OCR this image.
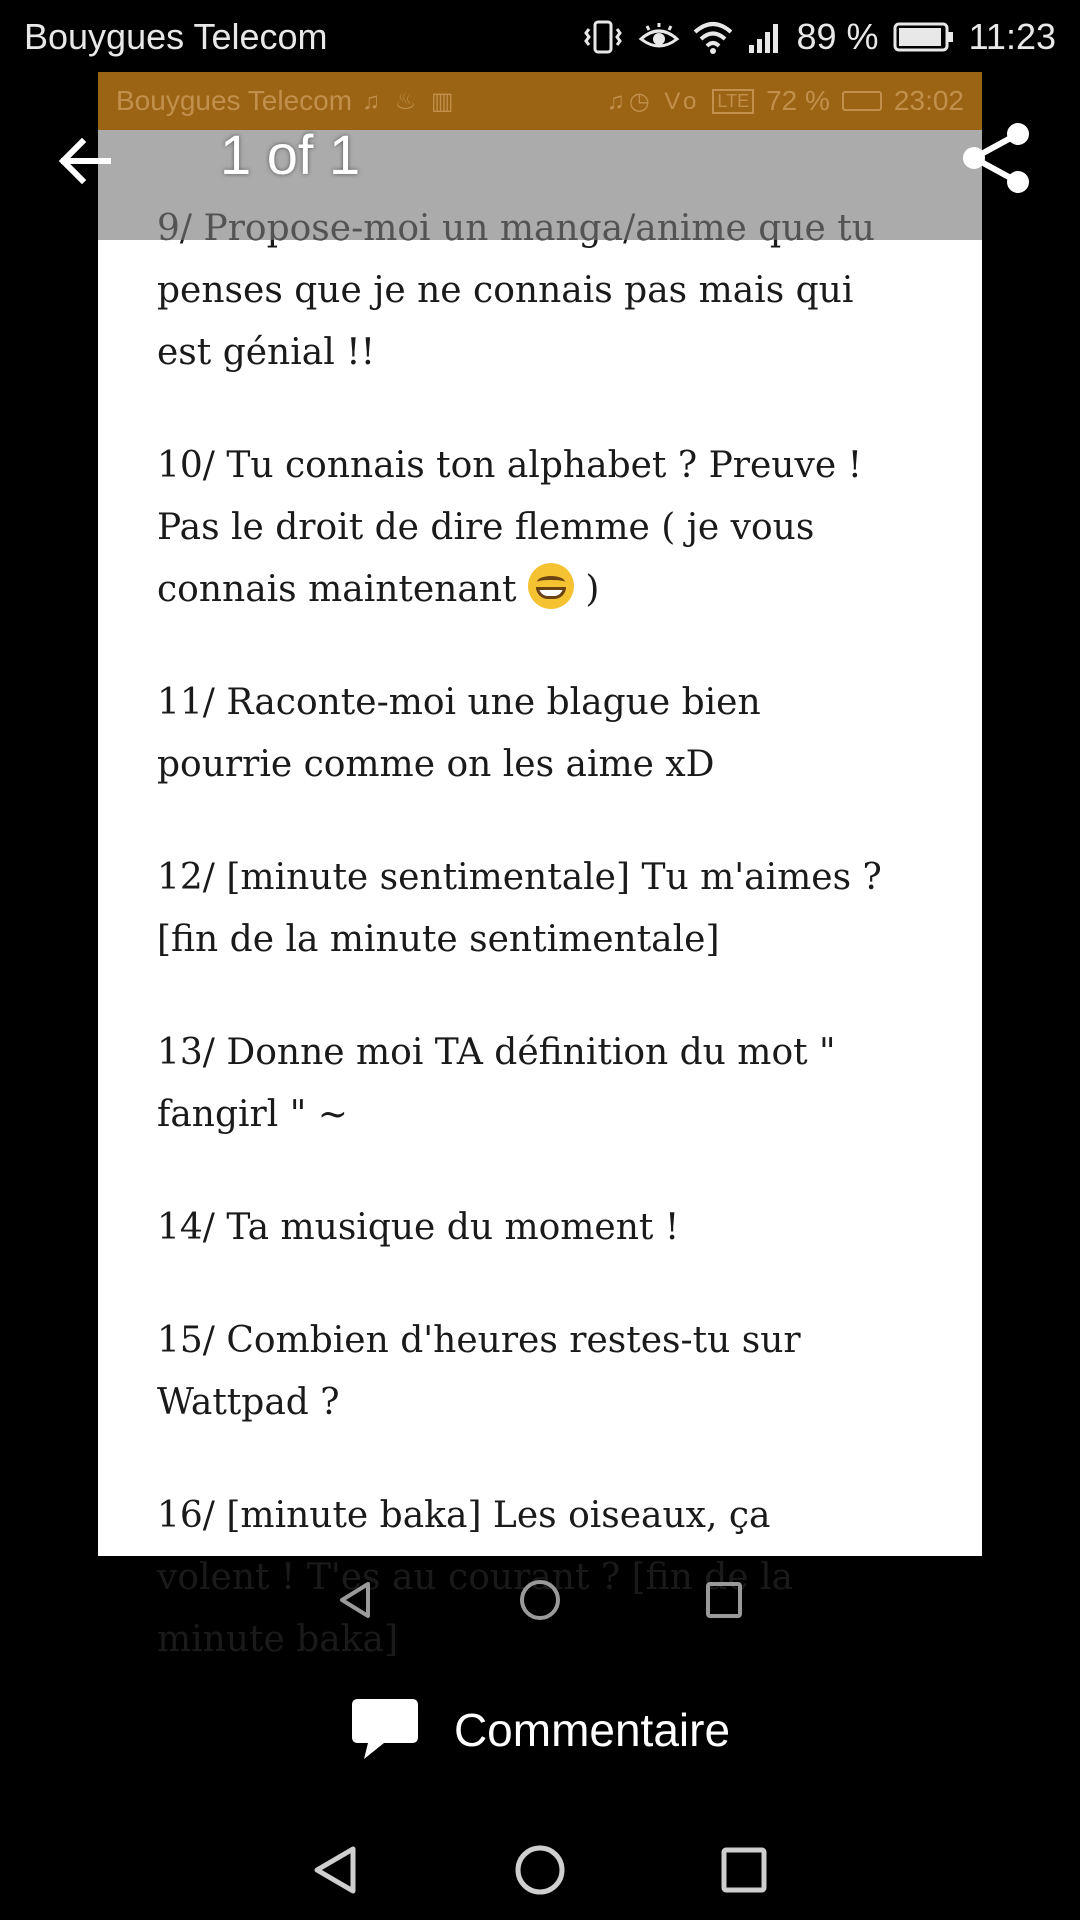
Bouygues Telecom	89 %	11:23
Bouygues Telecom ♫ ♨ ▥	♫◷ Vo LTE 72 % 23:02

penses que je ne connais pas mais qui
est génial !!

10/ Tu connais ton alphabet ? Preuve !
Pas le droit de dire flemme ( je vous
connais maintenant  )

11/ Raconte-moi une blague bien
pourrie comme on les aime xD

12/ [minute sentimentale] Tu m'aimes ?
[fin de la minute sentimentale]

13/ Donne moi TA définition du mot "
fangirl " ~

14/ Ta musique du moment !

15/ Combien d'heures restes-tu sur
Wattpad ?

16/ [minute baka] Les oiseaux, ça
volent ! T'es au courant ? [fin de la
minute baka]

1 of 1
Commentaire
